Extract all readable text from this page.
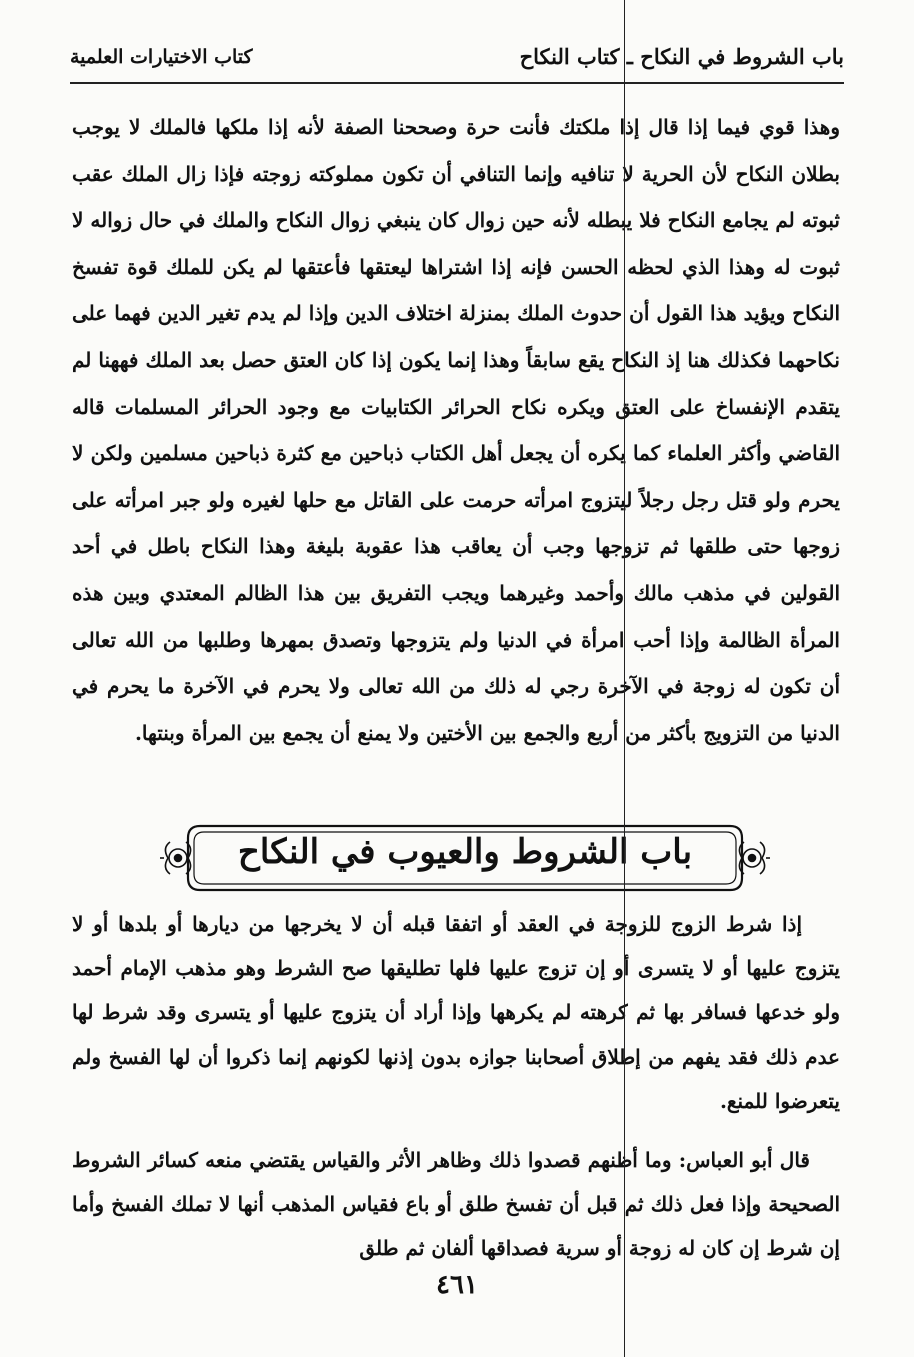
باب الشروط في النكاح ـ كتاب النكاح
كتاب الاختيارات العلمية

وهذا قوي فيما إذا قال إذا ملكتك فأنت حرة وصححنا الصفة لأنه إذا ملكها فالملك لا يوجب بطلان النكاح لأن الحرية لا تنافيه وإنما التنافي أن تكون مملوكته زوجته فإذا زال الملك عقب ثبوته لم يجامع النكاح فلا يبطله لأنه حين زوال كان ينبغي زوال النكاح والملك في حال زواله لا ثبوت له وهذا الذي لحظه الحسن فإنه إذا اشتراها ليعتقها فأعتقها لم يكن للملك قوة تفسخ النكاح ويؤيد هذا القول أن حدوث الملك بمنزلة اختلاف الدين وإذا لم يدم تغير الدين فهما على نكاحهما فكذلك هنا إذ النكاح يقع سابقاً وهذا إنما يكون إذا كان العتق حصل بعد الملك فههنا لم يتقدم الإنفساخ على العتق ويكره نكاح الحرائر الكتابيات مع وجود الحرائر المسلمات قاله القاضي وأكثر العلماء كما يكره أن يجعل أهل الكتاب ذباحين مع كثرة ذباحين مسلمين ولكن لا يحرم ولو قتل رجل رجلاً ليتزوج امرأته حرمت على القاتل مع حلها لغيره ولو جبر امرأته على زوجها حتى طلقها ثم تزوجها وجب أن يعاقب هذا عقوبة بليغة وهذا النكاح باطل في أحد القولين في مذهب مالك وأحمد وغيرهما ويجب التفريق بين هذا الظالم المعتدي وبين هذه المرأة الظالمة وإذا أحب امرأة في الدنيا ولم يتزوجها وتصدق بمهرها وطلبها من الله تعالى أن تكون له زوجة في الآخرة رجي له ذلك من الله تعالى ولا يحرم في الآخرة ما يحرم في الدنيا من التزويج بأكثر من أربع والجمع بين الأختين ولا يمنع أن يجمع بين المرأة وبنتها.

باب الشروط والعيوب في النكاح

إذا شرط الزوج للزوجة في العقد أو اتفقا قبله أن لا يخرجها من ديارها أو بلدها أو لا يتزوج عليها أو لا يتسرى أو إن تزوج عليها فلها تطليقها صح الشرط وهو مذهب الإمام أحمد ولو خدعها فسافر بها ثم كرهته لم يكرهها وإذا أراد أن يتزوج عليها أو يتسرى وقد شرط لها عدم ذلك فقد يفهم من إطلاق أصحابنا جوازه بدون إذنها لكونهم إنما ذكروا أن لها الفسخ ولم يتعرضوا للمنع.

قال أبو العباس: وما أظنهم قصدوا ذلك وظاهر الأثر والقياس يقتضي منعه كسائر الشروط الصحيحة وإذا فعل ذلك ثم قبل أن تفسخ طلق أو باع فقياس المذهب أنها لا تملك الفسخ وأما إن شرط إن كان له زوجة أو سرية فصداقها ألفان ثم طلق

٤٦١
